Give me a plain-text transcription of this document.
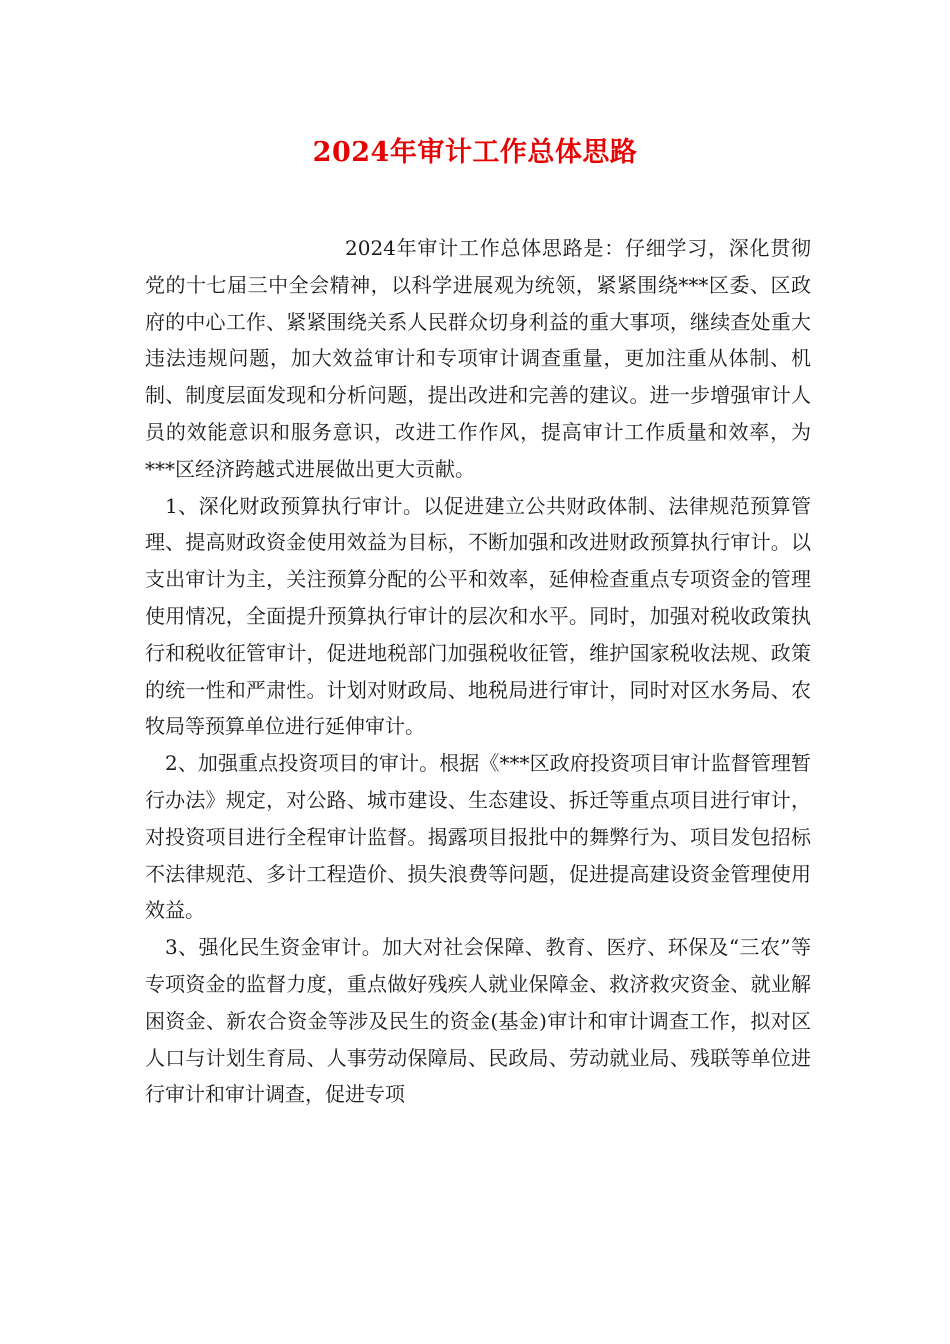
2024年审计工作总体思路

2024年审计工作总体思路是：仔细学习，深化贯彻党的十七届三中全会精神，以科学进展观为统领，紧紧围绕***区委、区政府的中心工作、紧紧围绕关系人民群众切身利益的重大事项，继续查处重大违法违规问题，加大效益审计和专项审计调查重量，更加注重从体制、机制、制度层面发现和分析问题，提出改进和完善的建议。进一步增强审计人员的效能意识和服务意识，改进工作作风，提高审计工作质量和效率，为***区经济跨越式进展做出更大贡献。

1、深化财政预算执行审计。以促进建立公共财政体制、法律规范预算管理、提高财政资金使用效益为目标，不断加强和改进财政预算执行审计。以支出审计为主，关注预算分配的公平和效率，延伸检查重点专项资金的管理使用情况，全面提升预算执行审计的层次和水平。同时，加强对税收政策执行和税收征管审计，促进地税部门加强税收征管，维护国家税收法规、政策的统一性和严肃性。计划对财政局、地税局进行审计，同时对区水务局、农牧局等预算单位进行延伸审计。

2、加强重点投资项目的审计。根据《***区政府投资项目审计监督管理暂行办法》规定，对公路、城市建设、生态建设、拆迁等重点项目进行审计，对投资项目进行全程审计监督。揭露项目报批中的舞弊行为、项目发包招标不法律规范、多计工程造价、损失浪费等问题，促进提高建设资金管理使用效益。

3、强化民生资金审计。加大对社会保障、教育、医疗、环保及“三农”等专项资金的监督力度，重点做好残疾人就业保障金、救济救灾资金、就业解困资金、新农合资金等涉及民生的资金(基金)审计和审计调查工作，拟对区人口与计划生育局、人事劳动保障局、民政局、劳动就业局、残联等单位进行审计和审计调查，促进专项
